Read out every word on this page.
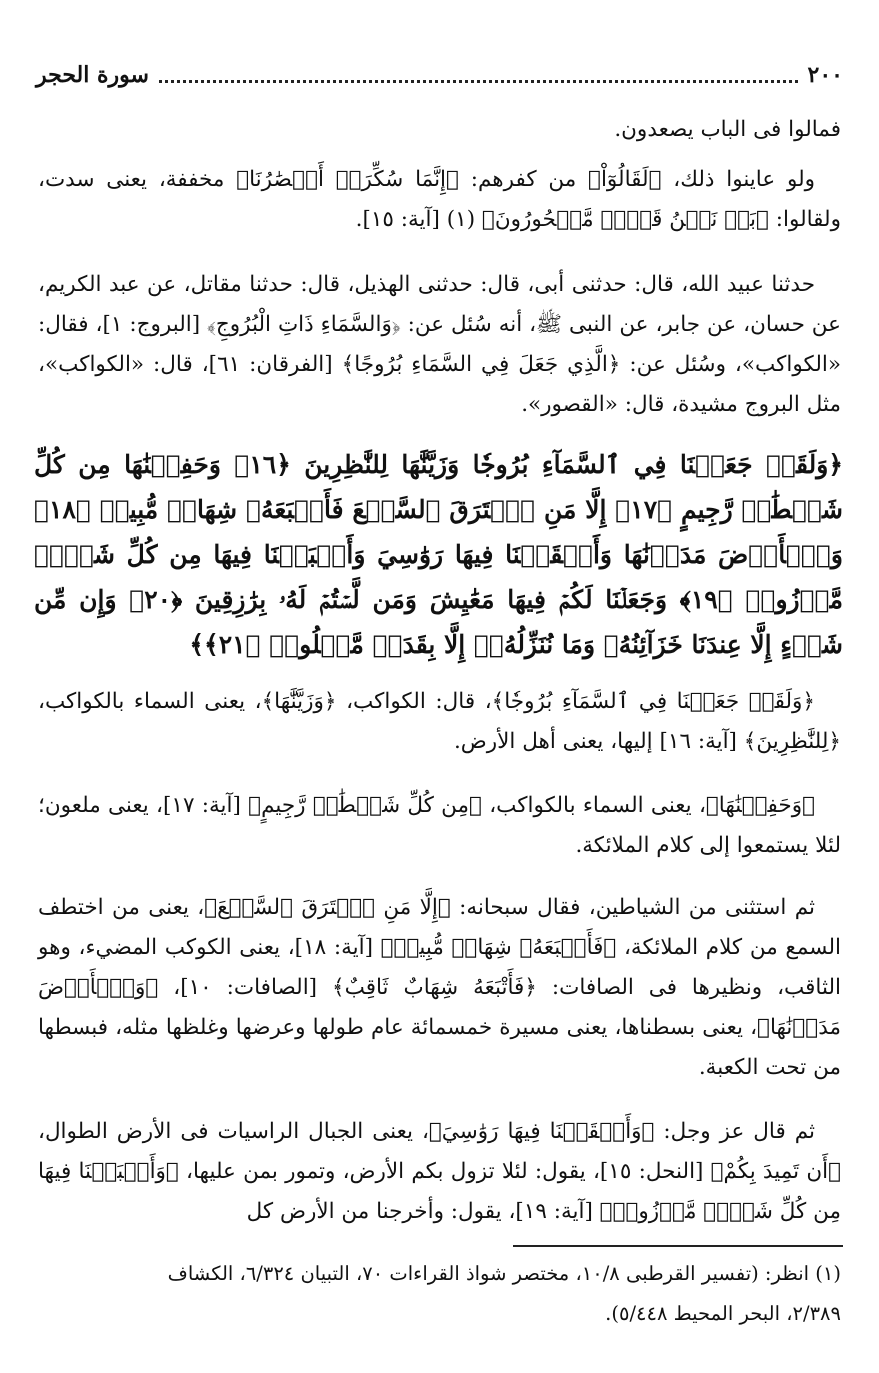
٢٠٠
سورة الحجر

فمالوا فى الباب يصعدون.

ولو عاينوا ذلك، ﴿لَقَالُوٓاْ﴾ من كفرهم: ﴿إِنَّمَا سُكِّرَتۡ أَبۡصَٰرُنَا﴾ مخففة، يعنى سدت، ولقالوا: ﴿بَلۡ نَحۡنُ قَوۡمٞ مَّسۡحُورُونَ﴾ (١) [آية: ١٥].

حدثنا عبيد الله، قال: حدثنى أبى، قال: حدثنى الهذيل، قال: حدثنا مقاتل، عن عبد الكريم، عن حسان، عن جابر، عن النبى ﷺ، أنه سُئل عن: ﴿وَالسَّمَاءِ ذَاتِ الْبُرُوجِ﴾ [البروج: ١]، فقال: «الكواكب»، وسُئل عن: ﴿الَّذِي جَعَلَ فِي السَّمَاءِ بُرُوجًا﴾ [الفرقان: ٦١]، قال: «الكواكب»، مثل البروج مشيدة، قال: «القصور».

﴿وَلَقَدۡ جَعَلۡنَا فِي ٱلسَّمَآءِ بُرُوجٗا وَزَيَّنَّٰهَا لِلنَّٰظِرِينَ ﴿١٦﴾ وَحَفِظۡنَٰهَا مِن كُلِّ شَيۡطَٰنٖ رَّجِيمٍ ﴿١٧﴾ إِلَّا مَنِ ٱسۡتَرَقَ ٱلسَّمۡعَ فَأَتۡبَعَهُۥ شِهَابٞ مُّبِينٞ ﴿١٨﴾ وَٱلۡأَرۡضَ مَدَدۡنَٰهَا وَأَلۡقَيۡنَا فِيهَا رَوَٰسِيَ وَأَنۢبَتۡنَا فِيهَا مِن كُلِّ شَيۡءٖ مَّوۡزُونٖ ﴿١٩﴾ وَجَعَلۡنَا لَكُمۡ فِيهَا مَعَٰيِشَ وَمَن لَّسۡتُمۡ لَهُۥ بِرَٰزِقِينَ ﴿٢٠﴾ وَإِن مِّن شَيۡءٍ إِلَّا عِندَنَا خَزَآئِنُهُۥ وَمَا نُنَزِّلُهُۥٓ إِلَّا بِقَدَرٖ مَّعۡلُومٖ ﴿٢١﴾﴾

﴿وَلَقَدۡ جَعَلۡنَا فِي ٱلسَّمَآءِ بُرُوجٗا﴾، قال: الكواكب، ﴿وَزَيَّنَّٰهَا﴾، يعنى السماء بالكواكب، ﴿لِلنَّٰظِرِينَ﴾ [آية: ١٦] إليها، يعنى أهل الأرض.

﴿وَحَفِظۡنَٰهَا﴾، يعنى السماء بالكواكب، ﴿مِن كُلِّ شَيۡطَٰنٖ رَّجِيمٍ﴾ [آية: ١٧]، يعنى ملعون؛ لئلا يستمعوا إلى كلام الملائكة.

ثم استثنى من الشياطين، فقال سبحانه: ﴿إِلَّا مَنِ ٱسۡتَرَقَ ٱلسَّمۡعَ﴾، يعنى من اختطف السمع من كلام الملائكة، ﴿فَأَتۡبَعَهُۥ شِهَابٞ مُّبِينٞ﴾ [آية: ١٨]، يعنى الكوكب المضيء، وهو الثاقب، ونظيرها فى الصافات: ﴿فَأَتْبَعَهُ شِهَابٌ ثَاقِبٌ﴾ [الصافات: ١٠]، ﴿وَٱلۡأَرۡضَ مَدَدۡنَٰهَا﴾، يعنى بسطناها، يعنى مسيرة خمسمائة عام طولها وعرضها وغلظها مثله، فبسطها من تحت الكعبة.

ثم قال عز وجل: ﴿وَأَلۡقَيۡنَا فِيهَا رَوَٰسِيَ﴾، يعنى الجبال الراسيات فى الأرض الطوال، ﴿أَن تَمِيدَ بِكُمْ﴾ [النحل: ١٥]، يقول: لئلا تزول بكم الأرض، وتمور بمن عليها، ﴿وَأَنۢبَتۡنَا فِيهَا مِن كُلِّ شَيۡءٖ مَّوۡزُونٖ﴾ [آية: ١٩]، يقول: وأخرجنا من الأرض كل

(١) انظر: (تفسير القرطبى ١٠/٨، مختصر شواذ القراءات ٧٠، التبيان ٦/٣٢٤، الكشاف

٢/٣٨٩، البحر المحيط ٥/٤٤٨).
